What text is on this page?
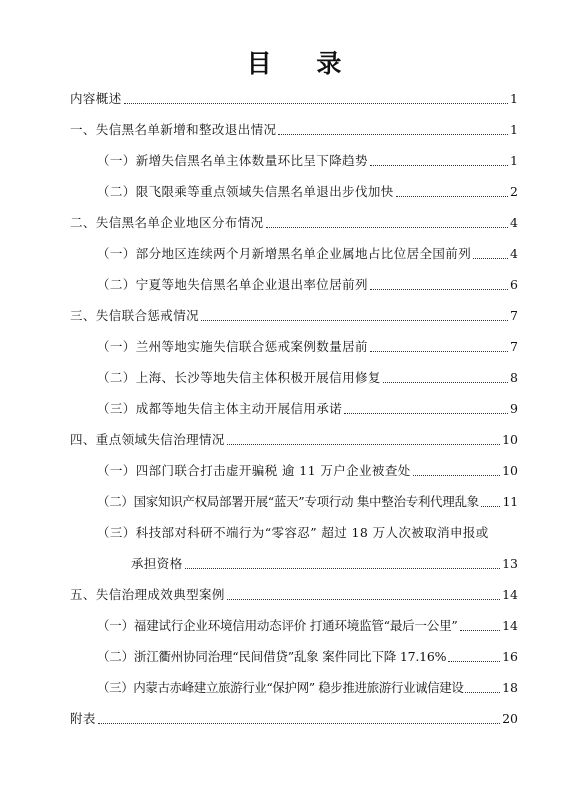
目 录
内容概述	1
一、失信黑名单新增和整改退出情况	1
（一）新增失信黑名单主体数量环比呈下降趋势	1
（二）限飞限乘等重点领域失信黑名单退出步伐加快	2
二、失信黑名单企业地区分布情况	4
（一）部分地区连续两个月新增黑名单企业属地占比位居全国前列	4
（二）宁夏等地失信黑名单企业退出率位居前列	6
三、失信联合惩戒情况	7
（一）兰州等地实施失信联合惩戒案例数量居前	7
（二）上海、长沙等地失信主体积极开展信用修复	8
（三）成都等地失信主体主动开展信用承诺	9
四、重点领域失信治理情况	10
（一）四部门联合打击虚开骗税 逾 11 万户企业被查处	10
（二）国家知识产权局部署开展“蓝天”专项行动 集中整治专利代理乱象 11
（三）科技部对科研不端行为“零容忍” 超过 18 万人次被取消申报或
承担资格	13
五、失信治理成效典型案例	14
（一）福建试行企业环境信用动态评价 打通环境监管“最后一公里”	14
（二）浙江衢州协同治理“民间借贷”乱象 案件同比下降 17.16%	16
（三）内蒙古赤峰建立旅游行业“保护网” 稳步推进旅游行业诚信建设	18
附表	20
